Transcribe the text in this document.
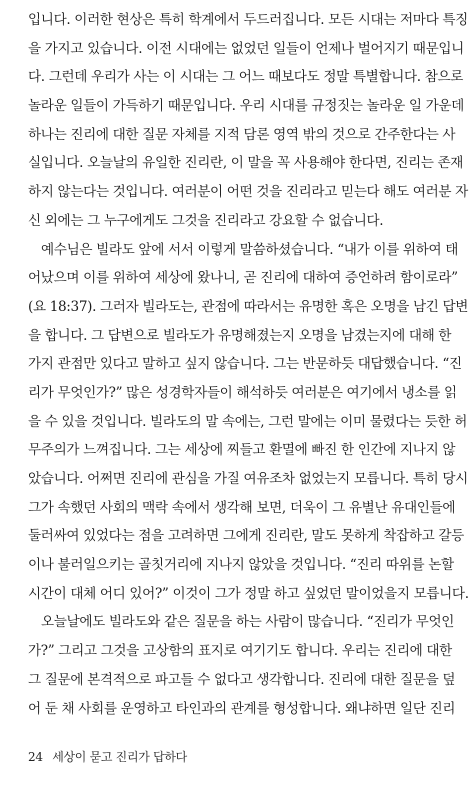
입니다. 이러한 현상은 특히 학계에서 두드러집니다. 모든 시대는 저마다 특징
을 가지고 있습니다. 이전 시대에는 없었던 일들이 언제나 벌어지기 때문입니
다. 그런데 우리가 사는 이 시대는 그 어느 때보다도 정말 특별합니다. 참으로
놀라운 일들이 가득하기 때문입니다. 우리 시대를 규정짓는 놀라운 일 가운데
하나는 진리에 대한 질문 자체를 지적 담론 영역 밖의 것으로 간주한다는 사
실입니다. 오늘날의 유일한 진리란, 이 말을 꼭 사용해야 한다면, 진리는 존재
하지 않는다는 것입니다. 여러분이 어떤 것을 진리라고 믿는다 해도 여러분 자
신 외에는 그 누구에게도 그것을 진리라고 강요할 수 없습니다.
예수님은 빌라도 앞에 서서 이렇게 말씀하셨습니다. “내가 이를 위하여 태
어났으며 이를 위하여 세상에 왔나니, 곧 진리에 대하여 증언하려 함이로라”
(요 18:37). 그러자 빌라도는, 관점에 따라서는 유명한 혹은 오명을 남긴 답변
을 합니다. 그 답변으로 빌라도가 유명해졌는지 오명을 남겼는지에 대해 한
가지 관점만 있다고 말하고 싶지 않습니다. 그는 반문하듯 대답했습니다. “진
리가 무엇인가?” 많은 성경학자들이 해석하듯 여러분은 여기에서 냉소를 읽
을 수 있을 것입니다. 빌라도의 말 속에는, 그런 말에는 이미 물렸다는 듯한 허
무주의가 느껴집니다. 그는 세상에 찌들고 환멸에 빠진 한 인간에 지나지 않
았습니다. 어쩌면 진리에 관심을 가질 여유조차 없었는지 모릅니다. 특히 당시
그가 속했던 사회의 맥락 속에서 생각해 보면, 더욱이 그 유별난 유대인들에
둘러싸여 있었다는 점을 고려하면 그에게 진리란, 말도 못하게 착잡하고 갈등
이나 불러일으키는 골칫거리에 지나지 않았을 것입니다. “진리 따위를 논할
시간이 대체 어디 있어?” 이것이 그가 정말 하고 싶었던 말이었을지 모릅니다.
오늘날에도 빌라도와 같은 질문을 하는 사람이 많습니다. “진리가 무엇인
가?” 그리고 그것을 고상함의 표지로 여기기도 합니다. 우리는 진리에 대한
그 질문에 본격적으로 파고들 수 없다고 생각합니다. 진리에 대한 질문을 덮
어 둔 채 사회를 운영하고 타인과의 관계를 형성합니다. 왜냐하면 일단 진리
24 세상이 묻고 진리가 답하다
